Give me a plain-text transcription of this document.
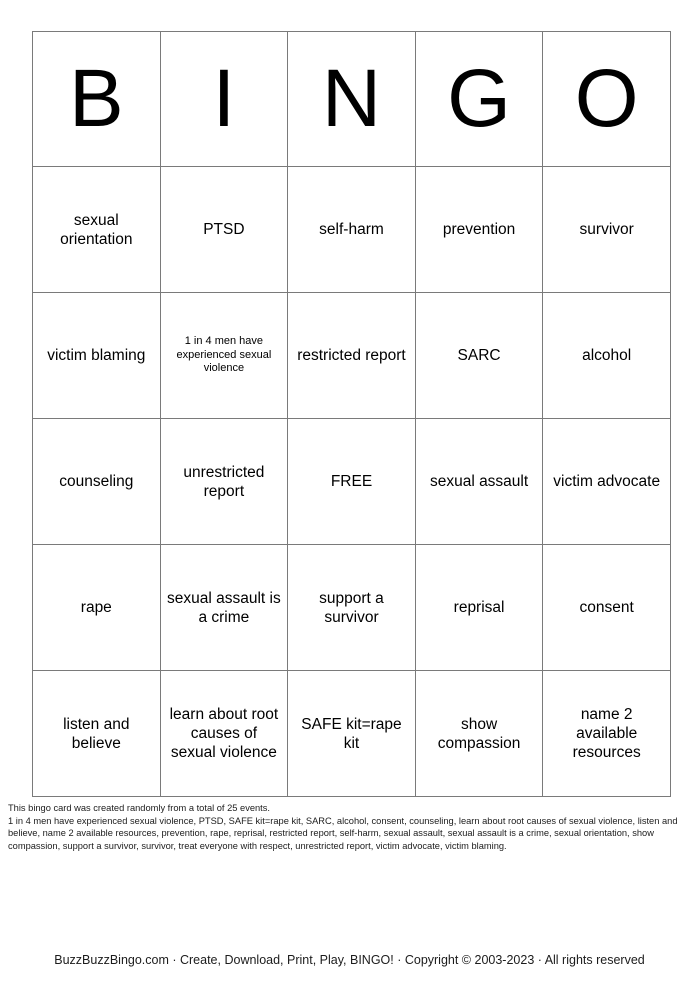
B	I	N	G	O

sexual orientation	PTSD	self-harm	prevention	survivor

victim blaming	1 in 4 men have experienced sexual violence	restricted report	SARC	alcohol

counseling	unrestricted report	FREE	sexual assault	victim advocate

rape	sexual assault is a crime	support a survivor	reprisal	consent

listen and believe	learn about root causes of sexual violence	SAFE kit=rape kit	show compassion	name 2 available resources

This bingo card was created randomly from a total of 25 events.

1 in 4 men have experienced sexual violence, PTSD, SAFE kit=rape kit, SARC, alcohol, consent, counseling, learn about root causes of sexual violence, listen and believe, name 2 available resources, prevention, rape, reprisal, restricted report, self-harm, sexual assault, sexual assault is a crime, sexual orientation, show compassion, support a survivor, survivor, treat everyone with respect, unrestricted report, victim advocate, victim blaming.

BuzzBuzzBingo.com · Create, Download, Print, Play, BINGO! · Copyright © 2003-2023 · All rights reserved
